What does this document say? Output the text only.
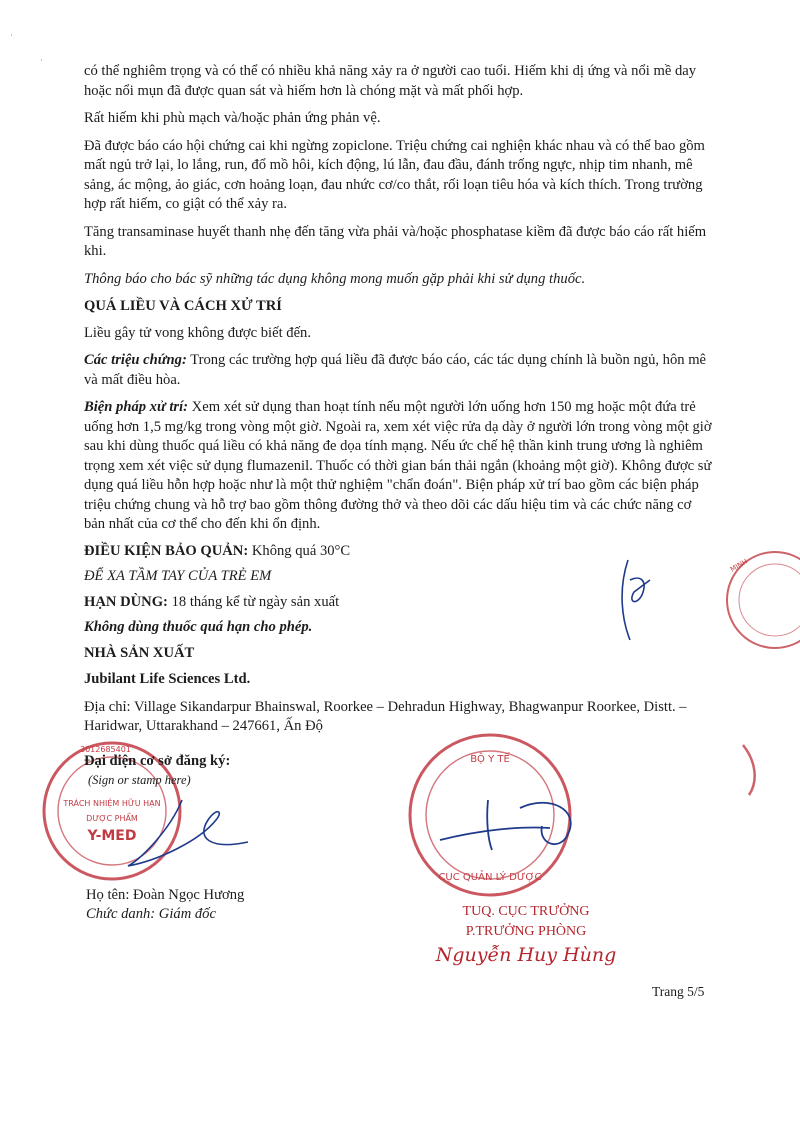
·
·

có thể nghiêm trọng và có thể có nhiều khả năng xảy ra ở người cao tuổi. Hiếm khi dị ứng và nổi mề day hoặc nổi mụn đã được quan sát và hiếm hơn là chóng mặt và mất phối hợp.

Rất hiếm khi phù mạch và/hoặc phản ứng phản vệ.

Đã được báo cáo hội chứng cai khi ngừng zopiclone. Triệu chứng cai nghiện khác nhau và có thể bao gồm mất ngủ trở lại, lo lắng, run, đổ mồ hôi, kích động, lú lẫn, đau đầu, đánh trống ngực, nhịp tim nhanh, mê sảng, ác mộng, ảo giác, cơn hoảng loạn, đau nhức cơ/co thắt, rối loạn tiêu hóa và kích thích. Trong trường hợp rất hiếm, co giật có thể xảy ra.

Tăng transaminase huyết thanh nhẹ đến tăng vừa phải và/hoặc phosphatase kiềm đã được báo cáo rất hiếm khi.

Thông báo cho bác sỹ những tác dụng không mong muốn gặp phải khi sử dụng thuốc.

QUÁ LIỀU VÀ CÁCH XỬ TRÍ

Liều gây tử vong không được biết đến.

Các triệu chứng: Trong các trường hợp quá liều đã được báo cáo, các tác dụng chính là buồn ngủ, hôn mê và mất điều hòa.

Biện pháp xử trí: Xem xét sử dụng than hoạt tính nếu một người lớn uống hơn 150 mg hoặc một đứa trẻ uống hơn 1,5 mg/kg trong vòng một giờ. Ngoài ra, xem xét việc rửa dạ dày ở người lớn trong vòng một giờ sau khi dùng thuốc quá liều có khả năng đe dọa tính mạng. Nếu ức chế hệ thần kinh trung ương là nghiêm trọng xem xét việc sử dụng flumazenil. Thuốc có thời gian bán thải ngắn (khoảng một giờ). Không được sử dụng quá liều hỗn hợp hoặc như là một thử nghiệm "chẩn đoán". Biện pháp xử trí bao gồm các biện pháp triệu chứng chung và hỗ trợ bao gồm thông đường thở và theo dõi các dấu hiệu tim và các chức năng cơ bản nhất của cơ thể cho đến khi ổn định.

ĐIỀU KIỆN BẢO QUẢN: Không quá 30°C

ĐỂ XA TẦM TAY CỦA TRẺ EM

HẠN DÙNG: 18 tháng kể từ ngày sản xuất

Không dùng thuốc quá hạn cho phép.

NHÀ SẢN XUẤT

Jubilant Life Sciences Ltd.

Địa chỉ: Village Sikandarpur Bhainswal, Roorkee – Dehradun Highway, Bhagwanpur Roorkee, Distt. – Haridwar, Uttarakhand – 247661, Ấn Độ

MINH
3012685401
TRÁCH NHIỆM HỮU HẠN
DƯỢC PHẨM
Y-MED
Đại diện cơ sở đăng ký:
(Sign or stamp here)
Họ tên: Đoàn Ngọc Hương
Chức danh: Giám đốc
BỘ Y TẾ
CỤC QUẢN LÝ DƯỢC
TUQ. CỤC TRƯỞNG
P.TRƯỞNG PHÒNG
Nguyễn Huy Hùng
Trang 5/5
